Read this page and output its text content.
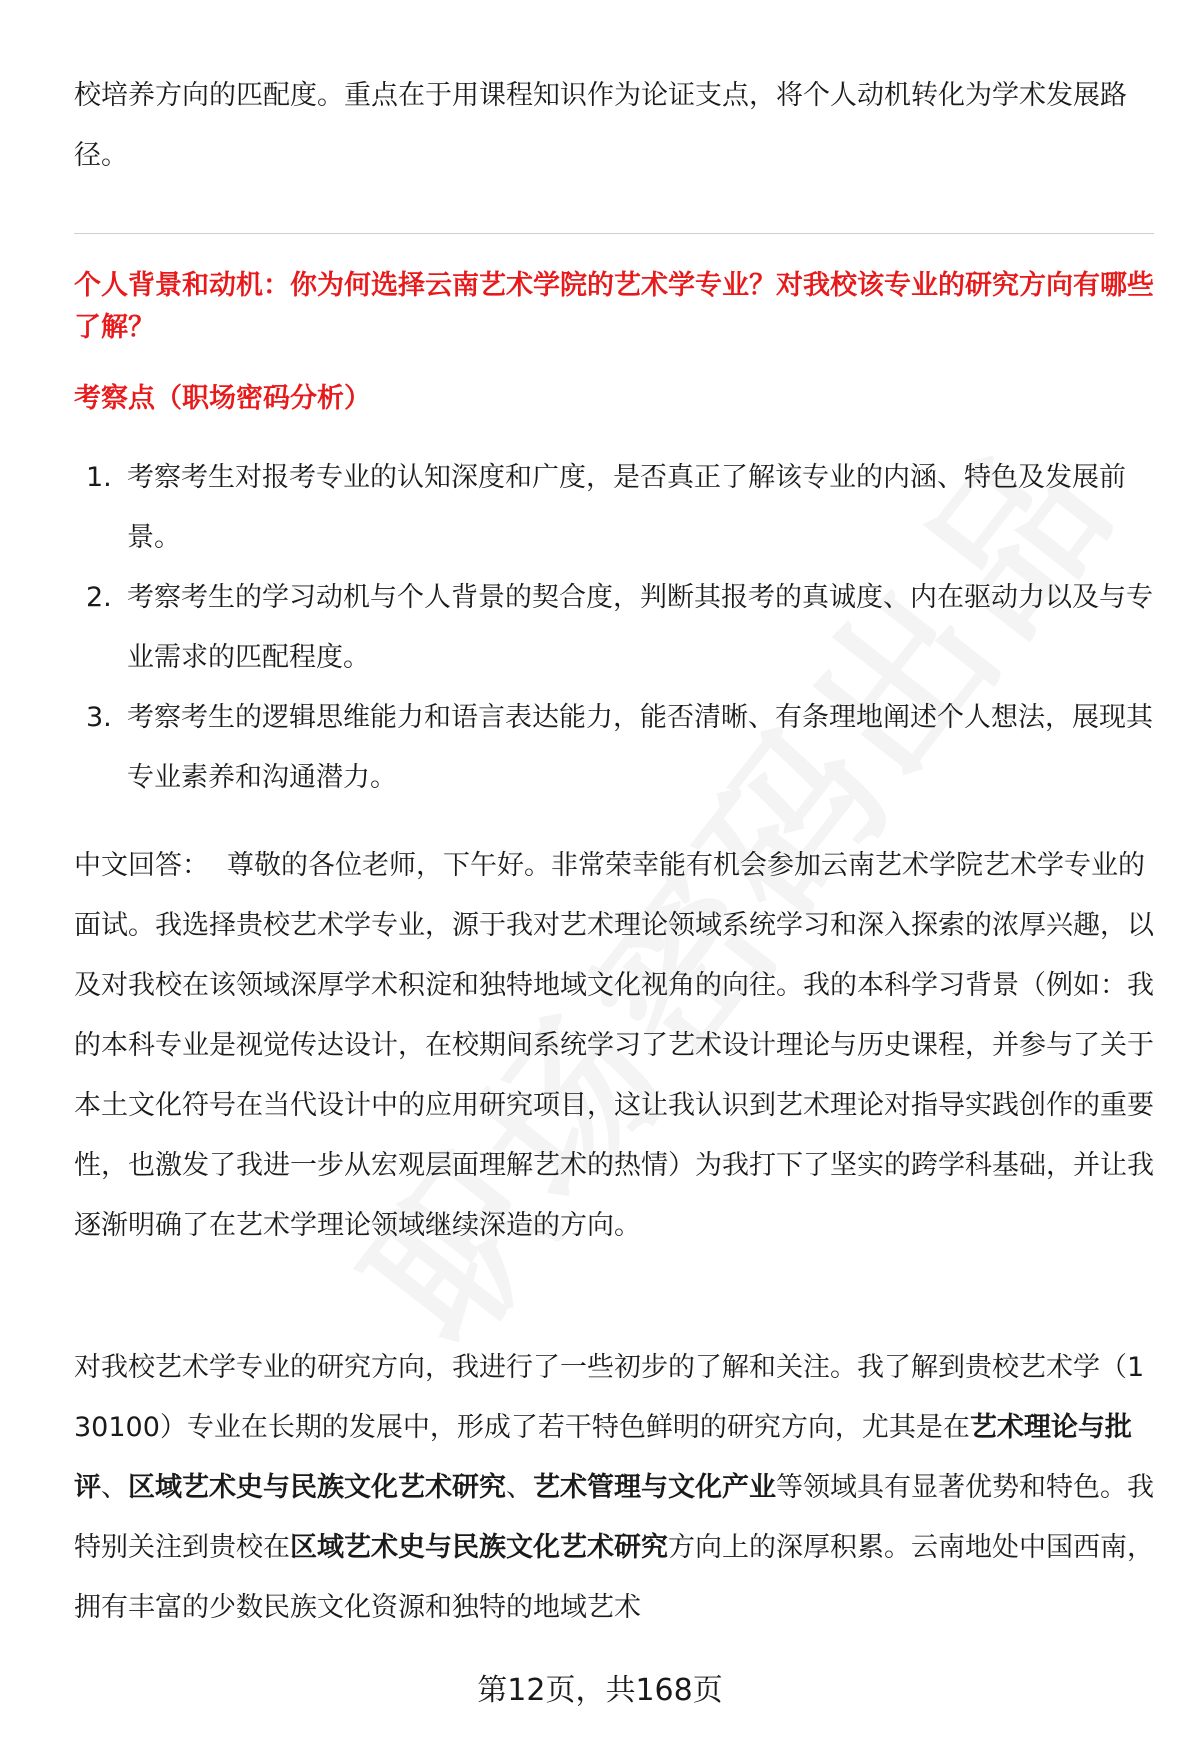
校培养方向的匹配度。重点在于用课程知识作为论证支点，将个人动机转化为学术发展路径。

个人背景和动机：你为何选择云南艺术学院的艺术学专业？对我校该专业的研究方向有哪些了解？

考察点（职场密码分析）

1. 考察考生对报考专业的认知深度和广度，是否真正了解该专业的内涵、特色及发展前景。
2. 考察考生的学习动机与个人背景的契合度，判断其报考的真诚度、内在驱动力以及与专业需求的匹配程度。
3. 考察考生的逻辑思维能力和语言表达能力，能否清晰、有条理地阐述个人想法，展现其专业素养和沟通潜力。

中文回答： 尊敬的各位老师，下午好。非常荣幸能有机会参加云南艺术学院艺术学专业的面试。我选择贵校艺术学专业，源于我对艺术理论领域系统学习和深入探索的浓厚兴趣，以及对我校在该领域深厚学术积淀和独特地域文化视角的向往。我的本科学习背景（例如：我的本科专业是视觉传达设计，在校期间系统学习了艺术设计理论与历史课程，并参与了关于本土文化符号在当代设计中的应用研究项目，这让我认识到艺术理论对指导实践创作的重要性，也激发了我进一步从宏观层面理解艺术的热情）为我打下了坚实的跨学科基础，并让我逐渐明确了在艺术学理论领域继续深造的方向。

对我校艺术学专业的研究方向，我进行了一些初步的了解和关注。我了解到贵校艺术学（130100）专业在长期的发展中，形成了若干特色鲜明的研究方向，尤其是在艺术理论与批评、区域艺术史与民族文化艺术研究、艺术管理与文化产业等领域具有显著优势和特色。我特别关注到贵校在区域艺术史与民族文化艺术研究方向上的深厚积累。云南地处中国西南，拥有丰富的少数民族文化资源和独特的地域艺术

第12页，共168页
